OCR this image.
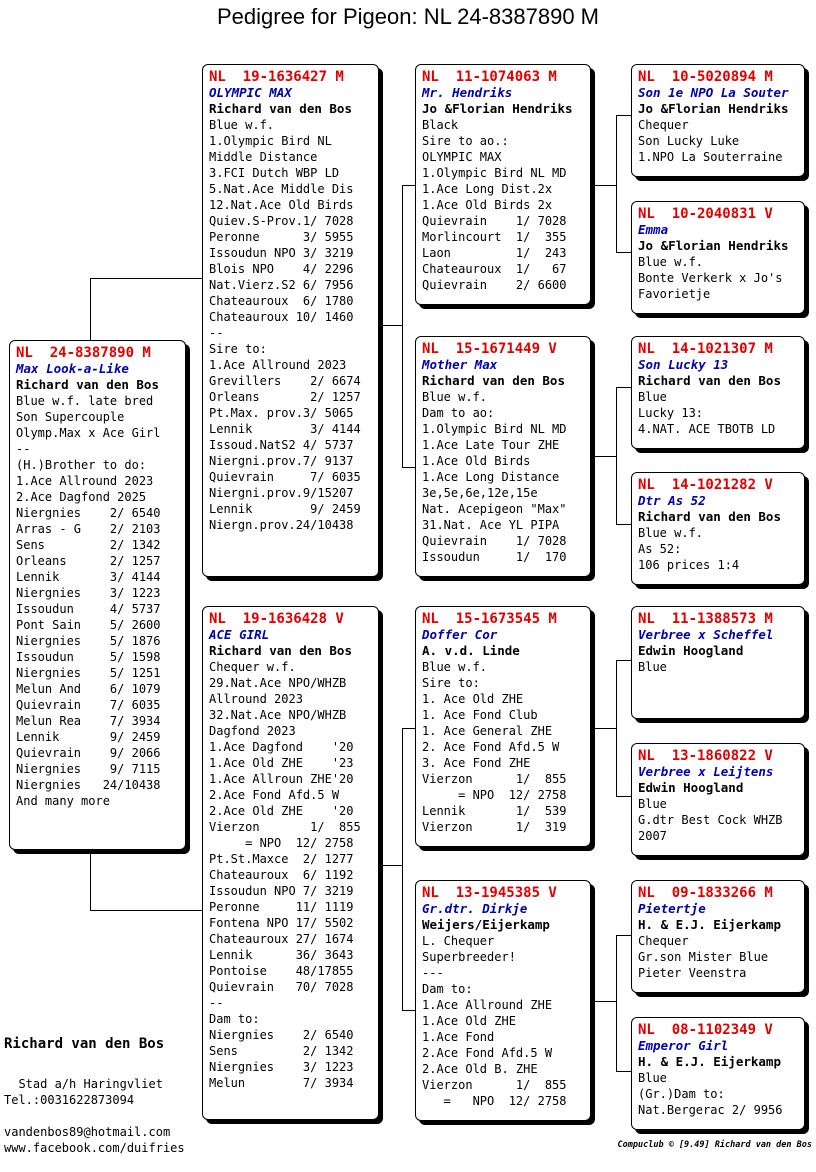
Pedigree for Pigeon: NL 24-8387890 M
NL  24-8387890 M
Max Look-a-Like
Richard van den Bos
Blue w.f. late bred
Son Supercouple
Olymp.Max x Ace Girl
--
(H.)Brother to do:
1.Ace Allround 2023
2.Ace Dagfond 2025
Niergnies    2/ 6540
Arras - G    2/ 2103
Sens         2/ 1342
Orleans      2/ 1257
Lennik       3/ 4144
Niergnies    3/ 1223
Issoudun     4/ 5737
Pont Sain    5/ 2600
Niergnies    5/ 1876
Issoudun     5/ 1598
Niergnies    5/ 1251
Melun And    6/ 1079
Quievrain    7/ 6035
Melun Rea    7/ 3934
Lennik       9/ 2459
Quievrain    9/ 2066
Niergnies    9/ 7115
Niergnies   24/10438
And many more
NL  19-1636427 M
OLYMPIC MAX
Richard van den Bos
Blue w.f.
1.Olympic Bird NL
Middle Distance
3.FCI Dutch WBP LD
5.Nat.Ace Middle Dis
12.Nat.Ace Old Birds
Quiev.S-Prov.1/ 7028
Peronne      3/ 5955
Issoudun NPO 3/ 3219
Blois NPO    4/ 2296
Nat.Vierz.S2 6/ 7956
Chateauroux  6/ 1780
Chateauroux 10/ 1460
--
Sire to:
1.Ace Allround 2023
Grevillers    2/ 6674
Orleans       2/ 1257
Pt.Max. prov.3/ 5065
Lennik        3/ 4144
Issoud.NatS2 4/ 5737
Niergni.prov.7/ 9137
Quievrain     7/ 6035
Niergni.prov.9/15207
Lennik        9/ 2459
Niergn.prov.24/10438
NL  19-1636428 V
ACE GIRL
Richard van den Bos
Chequer w.f.
29.Nat.Ace NPO/WHZB
Allround 2023
32.Nat.Ace NPO/WHZB
Dagfond 2023
1.Ace Dagfond    '20
1.Ace Old ZHE    '23
1.Ace Allroun ZHE'20
2.Ace Fond Afd.5 W
2.Ace Old ZHE    '20
Vierzon       1/  855
= NPO  12/ 2758
Pt.St.Maxce  2/ 1277
Chateauroux  6/ 1192
Issoudun NPO 7/ 3219
Peronne     11/ 1119
Fontena NPO 17/ 5502
Chateauroux 27/ 1674
Lennik      36/ 3643
Pontoise    48/17855
Quievrain   70/ 7028
--
Dam to:
Niergnies    2/ 6540
Sens         2/ 1342
Niergnies    3/ 1223
Melun        7/ 3934
NL  11-1074063 M
Mr. Hendriks
Jo &Florian Hendriks
Black
Sire to ao.:
OLYMPIC MAX
1.Olympic Bird NL MD
1.Ace Long Dist.2x
1.Ace Old Birds 2x
Quievrain    1/ 7028
Morlincourt  1/  355
Laon         1/  243
Chateauroux  1/   67
Quievrain    2/ 6600
NL  15-1671449 V
Mother Max
Richard van den Bos
Blue w.f.
Dam to ao:
1.Olympic Bird NL MD
1.Ace Late Tour ZHE
1.Ace Old Birds
1.Ace Long Distance
3e,5e,6e,12e,15e
Nat. Acepigeon "Max"
31.Nat. Ace YL PIPA
Quievrain    1/ 7028
Issoudun     1/  170
NL  15-1673545 M
Doffer Cor
A. v.d. Linde
Blue w.f.
Sire to:
1. Ace Old ZHE
1. Ace Fond Club
1. Ace General ZHE
2. Ace Fond Afd.5 W
3. Ace Fond ZHE
Vierzon      1/  855
= NPO  12/ 2758
Lennik       1/  539
Vierzon      1/  319
NL  13-1945385 V
Gr.dtr. Dirkje
Weijers/Eijerkamp
L. Chequer
Superbreeder!
---
Dam to:
1.Ace Allround ZHE
1.Ace Old ZHE
1.Ace Fond
2.Ace Fond Afd.5 W
2.Ace Old B. ZHE
Vierzon      1/  855
=   NPO  12/ 2758
NL  10-5020894 M
Son 1e NPO La Souter
Jo &Florian Hendriks
Chequer
Son Lucky Luke
1.NPO La Souterraine
NL  10-2040831 V
Emma
Jo &Florian Hendriks
Blue w.f.
Bonte Verkerk x Jo's
Favorietje
NL  14-1021307 M
Son Lucky 13
Richard van den Bos
Blue
Lucky 13:
4.NAT. ACE TBOTB LD
NL  14-1021282 V
Dtr As 52
Richard van den Bos
Blue w.f.
As 52:
106 prices 1:4
NL  11-1388573 M
Verbree x Scheffel
Edwin Hoogland
Blue
NL  13-1860822 V
Verbree x Leijtens
Edwin Hoogland
Blue
G.dtr Best Cock WHZB
2007
NL  09-1833266 M
Pietertje
H. & E.J. Eijerkamp
Chequer
Gr.son Mister Blue
Pieter Veenstra
NL  08-1102349 V
Emperor Girl
H. & E.J. Eijerkamp
Blue
(Gr.)Dam to:
Nat.Bergerac 2/ 9956
Richard van den Bos
Stad a/h Haringvliet
Tel.:0031622873094
vandenbos89@hotmail.com
www.facebook.com/duifries	Compuclub © [9.49] Richard van den Bos
